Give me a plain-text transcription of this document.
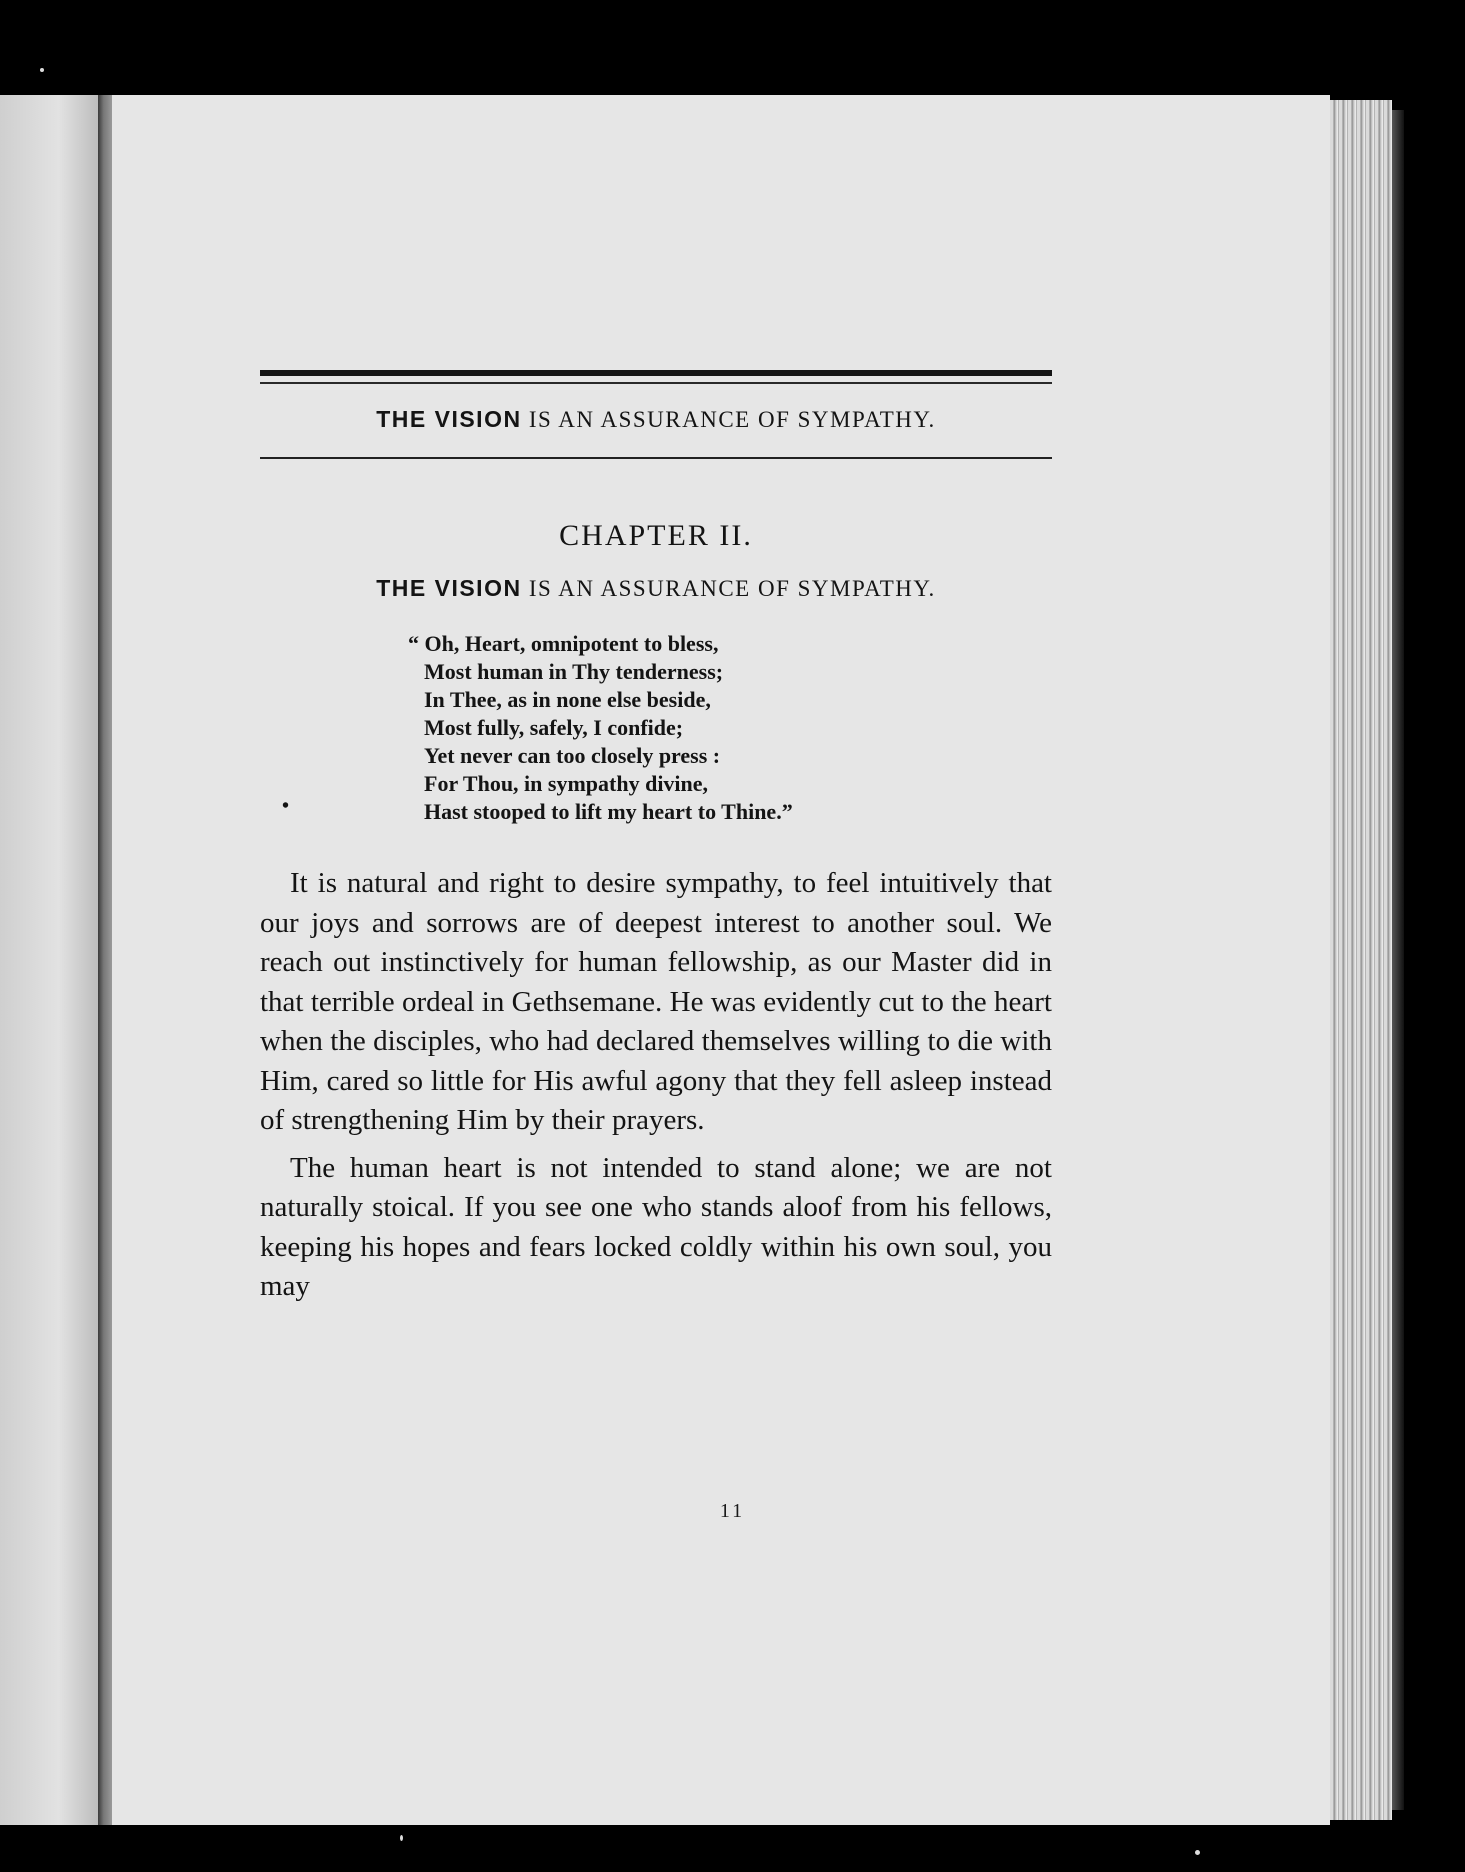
THE VISION IS AN ASSURANCE OF SYMPATHY.
CHAPTER II.
THE VISION IS AN ASSURANCE OF SYMPATHY.
“ Oh, Heart, omnipotent to bless,
Most human in Thy tenderness;
In Thee, as in none else beside,
Most fully, safely, I confide;
Yet never can too closely press :
For Thou, in sympathy divine,
Hast stooped to lift my heart to Thine.”
•

It is natural and right to desire sympathy, to feel intuitively that our joys and sorrows are of deepest interest to another soul. We reach out instinctively for human fellowship, as our Master did in that terrible ordeal in Gethsemane. He was evidently cut to the heart when the disciples, who had declared themselves willing to die with Him, cared so little for His awful agony that they fell asleep instead of strengthening Him by their prayers.

The human heart is not intended to stand alone; we are not naturally stoical. If you see one who stands aloof from his fellows, keeping his hopes and fears locked coldly within his own soul, you may

11
